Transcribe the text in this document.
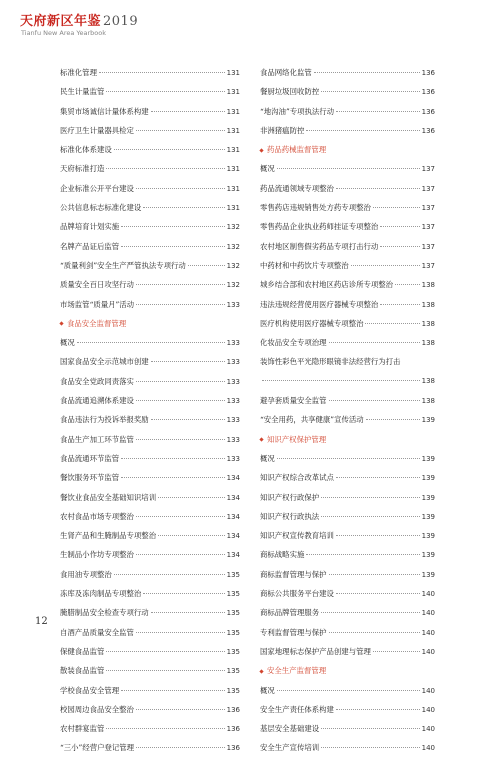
天府新区年鉴 2019
Tianfu New Area Yearbook
标准化管理	131
民生计量监管	131
集贸市场诚信计量体系构建	131
医疗卫生计量器具检定	131
标准化体系建设	131
天府标准打造	131
企业标准公开平台建设	131
公共信息标志标准化建设	131
品牌培育计划实施	132
名牌产品证后监管	132
“质量利剑”安全生产严管执法专项行动	132
质量安全百日攻坚行动	132
市场监管“质量月”活动	133
食品安全监督管理
概况	133
国家食品安全示范城市创建	133
食品安全党政同责落实	133
食品流通追溯体系建设	133
食品违法行为投诉举报奖励	133
食品生产加工环节监管	133
食品流通环节监管	133
餐饮服务环节监管	134
餐饮业食品安全基础知识培训	134
农村食品市场专项整治	134
生肾产品和生腌制品专项整治	134
生制品小作坊专项整治	134
食用油专项整治	135
冻库及冻肉制品专项整治	135
腌腊制品安全检查专项行动	135
自酒产品质量安全监管	135
保健食品监管	135
散装食品监管	135
学校食品安全管理	135
校园周边食品安全整治	136
农村群宴监管	136
“三小”经营户登记管理	136
食品网络化监管	136
餐厨垃圾回收防控	136
“地沟油”专项执法行动	136
非洲猪瘟防控	136
药品药械监督管理
概况	137
药品流通领域专项整治	137
零售药店违规销售处方药专项整治	137
零售药品企业执业药师挂证专项整治	137
农村地区制售假劣药品专项打击行动	137
中药材和中药饮片专项整治	137
城乡结合部和农村地区药店诊所专项整治	138
违法违规经营使用医疗器械专项整治	138
医疗机构使用医疗器械专项整治	138
化妆品安全专项治理	138
装饰性彩色平光隐形眼镜非法经营行为打击
138
避孕套质量安全监管	138
“安全用药，共享健康”宣传活动	139
知识产权保护管理
概况	139
知识产权综合改革试点	139
知识产权行政保护	139
知识产权行政执法	139
知识产权宣传教育培训	139
商标战略实施	139
商标监督管理与保护	139
商标公共服务平台建设	140
商标品牌管理服务	140
专利监督管理与保护	140
国家地理标志保护产品创建与管理	140
安全生产监督管理
概况	140
安全生产责任体系构建	140
基层安全基础建设	140
安全生产宣传培训	140
12
